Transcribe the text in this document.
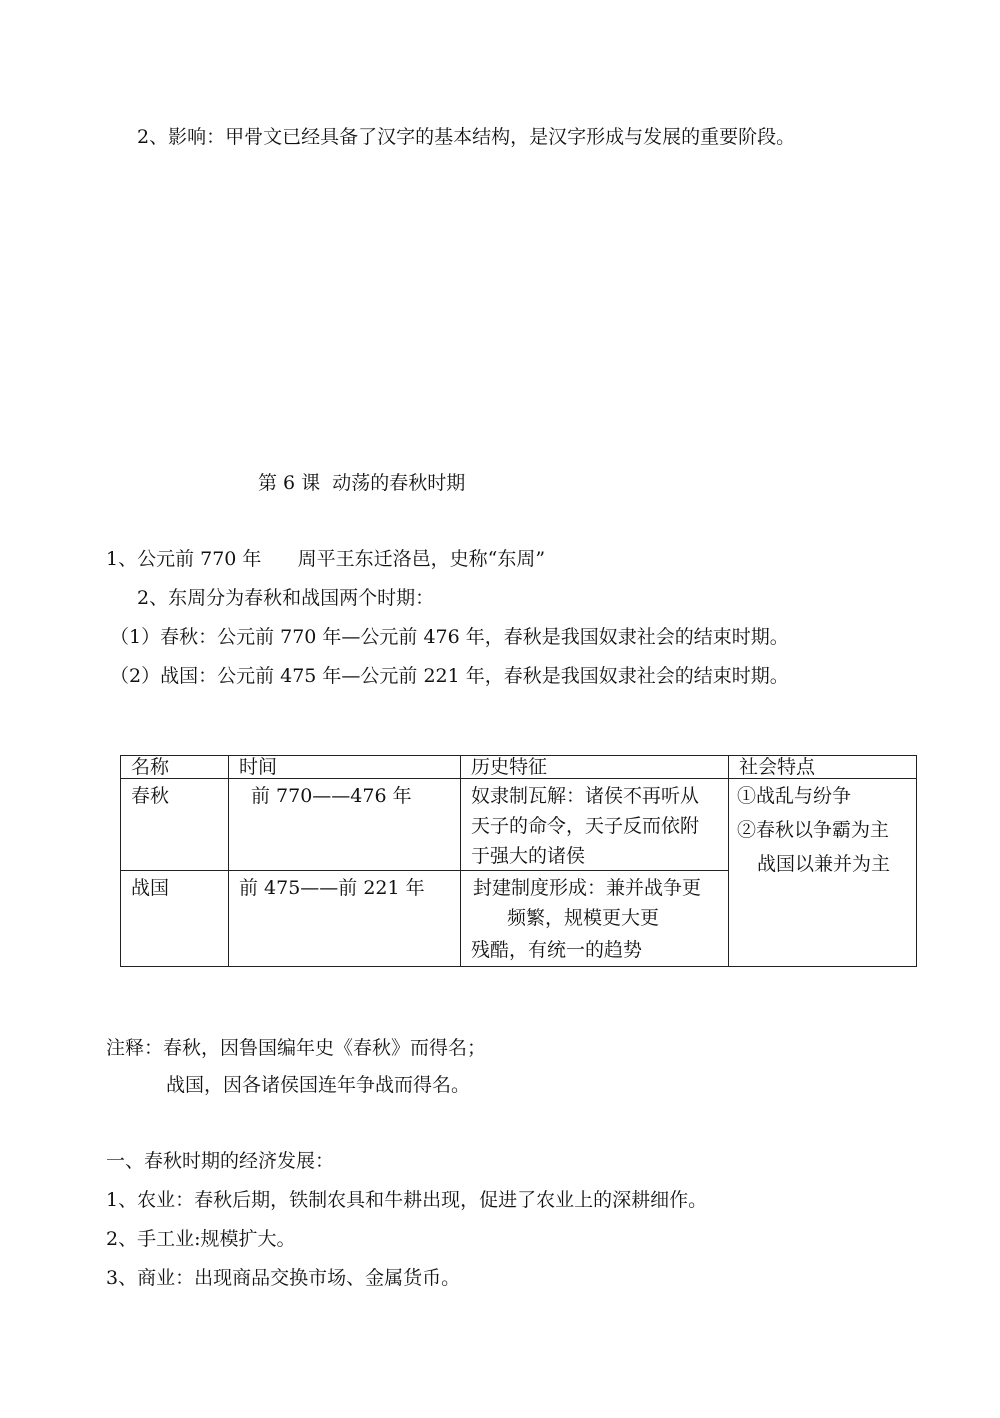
2、影响：甲骨文已经具备了汉字的基本结构，是汉字形成与发展的重要阶段。
第 6 课  动荡的春秋时期
1、公元前 770 年      周平王东迁洛邑，史称“东周”
2、东周分为春秋和战国两个时期：
（1）春秋：公元前 770 年—公元前 476 年，春秋是我国奴隶社会的结束时期。
（2）战国：公元前 475 年—公元前 221 年，春秋是我国奴隶社会的结束时期。
名称	时间	历史特征	社会特点

春秋	前 770——476 年	奴隶制瓦解：诸侯不再听从
天子的命令，天子反而依附
于强大的诸侯	①战乱与纷争
②春秋以争霸为主
战国以兼并为主

战国	前 475——前 221 年	封建制度形成：兼并战争更
频繁，规模更大更
残酷，有统一的趋势	
注释：春秋，因鲁国编年史《春秋》而得名；
战国，因各诸侯国连年争战而得名。
一、春秋时期的经济发展：
1、农业：春秋后期，铁制农具和牛耕出现，促进了农业上的深耕细作。
2、手工业:规模扩大。
3、商业：出现商品交换市场、金属货币。
